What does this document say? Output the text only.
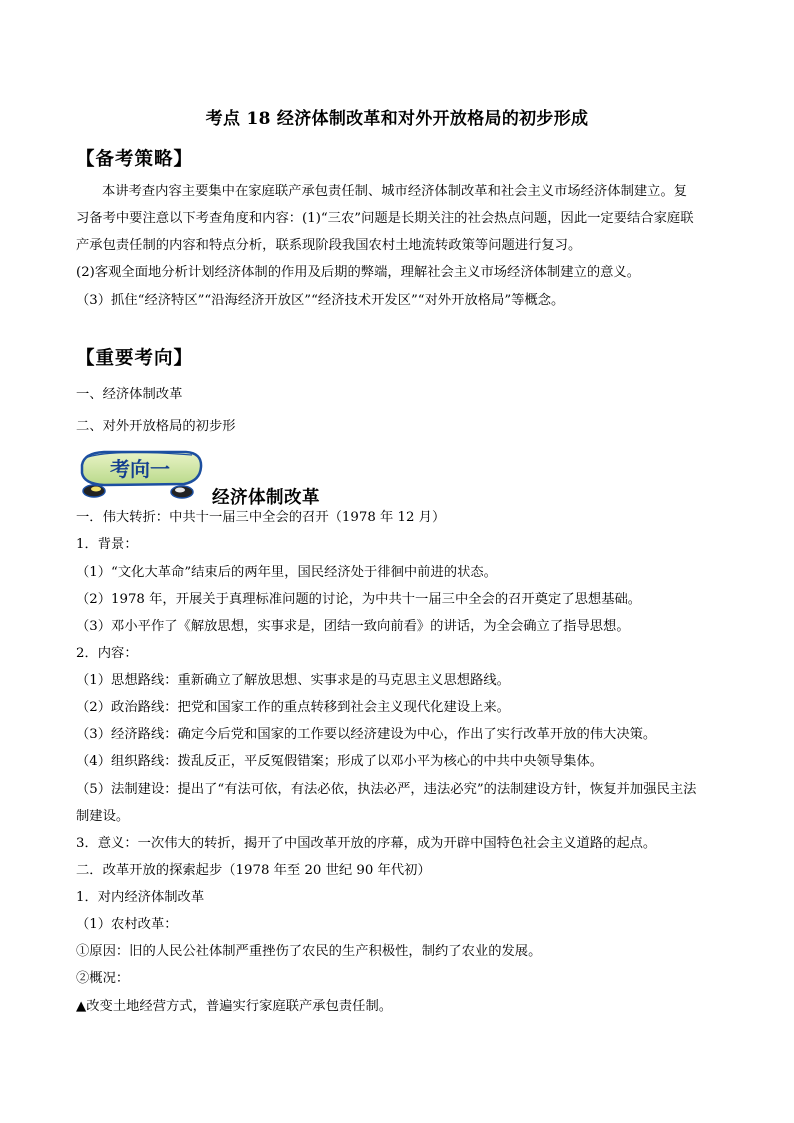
考点 18 经济体制改革和对外开放格局的初步形成
【备考策略】
本讲考查内容主要集中在家庭联产承包责任制、城市经济体制改革和社会主义市场经济体制建立。复
习备考中要注意以下考查角度和内容：(1)“三农”问题是长期关注的社会热点问题，因此一定要结合家庭联
产承包责任制的内容和特点分析，联系现阶段我国农村土地流转政策等问题进行复习。
(2)客观全面地分析计划经济体制的作用及后期的弊端，理解社会主义市场经济体制建立的意义。
（3）抓住“经济特区”“沿海经济开放区”“经济技术开发区”“对外开放格局”等概念。
【重要考向】
一、经济体制改革
二、对外开放格局的初步形
考向一
经济体制改革
一．伟大转折：中共十一届三中全会的召开（1978 年 12 月）
1．背景：
（1）“文化大革命”结束后的两年里，国民经济处于徘徊中前进的状态。
（2）1978 年，开展关于真理标准问题的讨论，为中共十一届三中全会的召开奠定了思想基础。
（3）邓小平作了《解放思想，实事求是，团结一致向前看》的讲话，为全会确立了指导思想。
2．内容：
（1）思想路线：重新确立了解放思想、实事求是的马克思主义思想路线。
（2）政治路线：把党和国家工作的重点转移到社会主义现代化建设上来。
（3）经济路线：确定今后党和国家的工作要以经济建设为中心，作出了实行改革开放的伟大决策。
（4）组织路线：拨乱反正，平反冤假错案；形成了以邓小平为核心的中共中央领导集体。
（5）法制建设：提出了“有法可依，有法必依，执法必严，违法必究”的法制建设方针，恢复并加强民主法
制建设。
3．意义：一次伟大的转折，揭开了中国改革开放的序幕，成为开辟中国特色社会主义道路的起点。
二．改革开放的探索起步（1978 年至 20 世纪 90 年代初）
1．对内经济体制改革
（1）农村改革：
①原因：旧的人民公社体制严重挫伤了农民的生产积极性，制约了农业的发展。
②概况：
▲改变土地经营方式，普遍实行家庭联产承包责任制。
